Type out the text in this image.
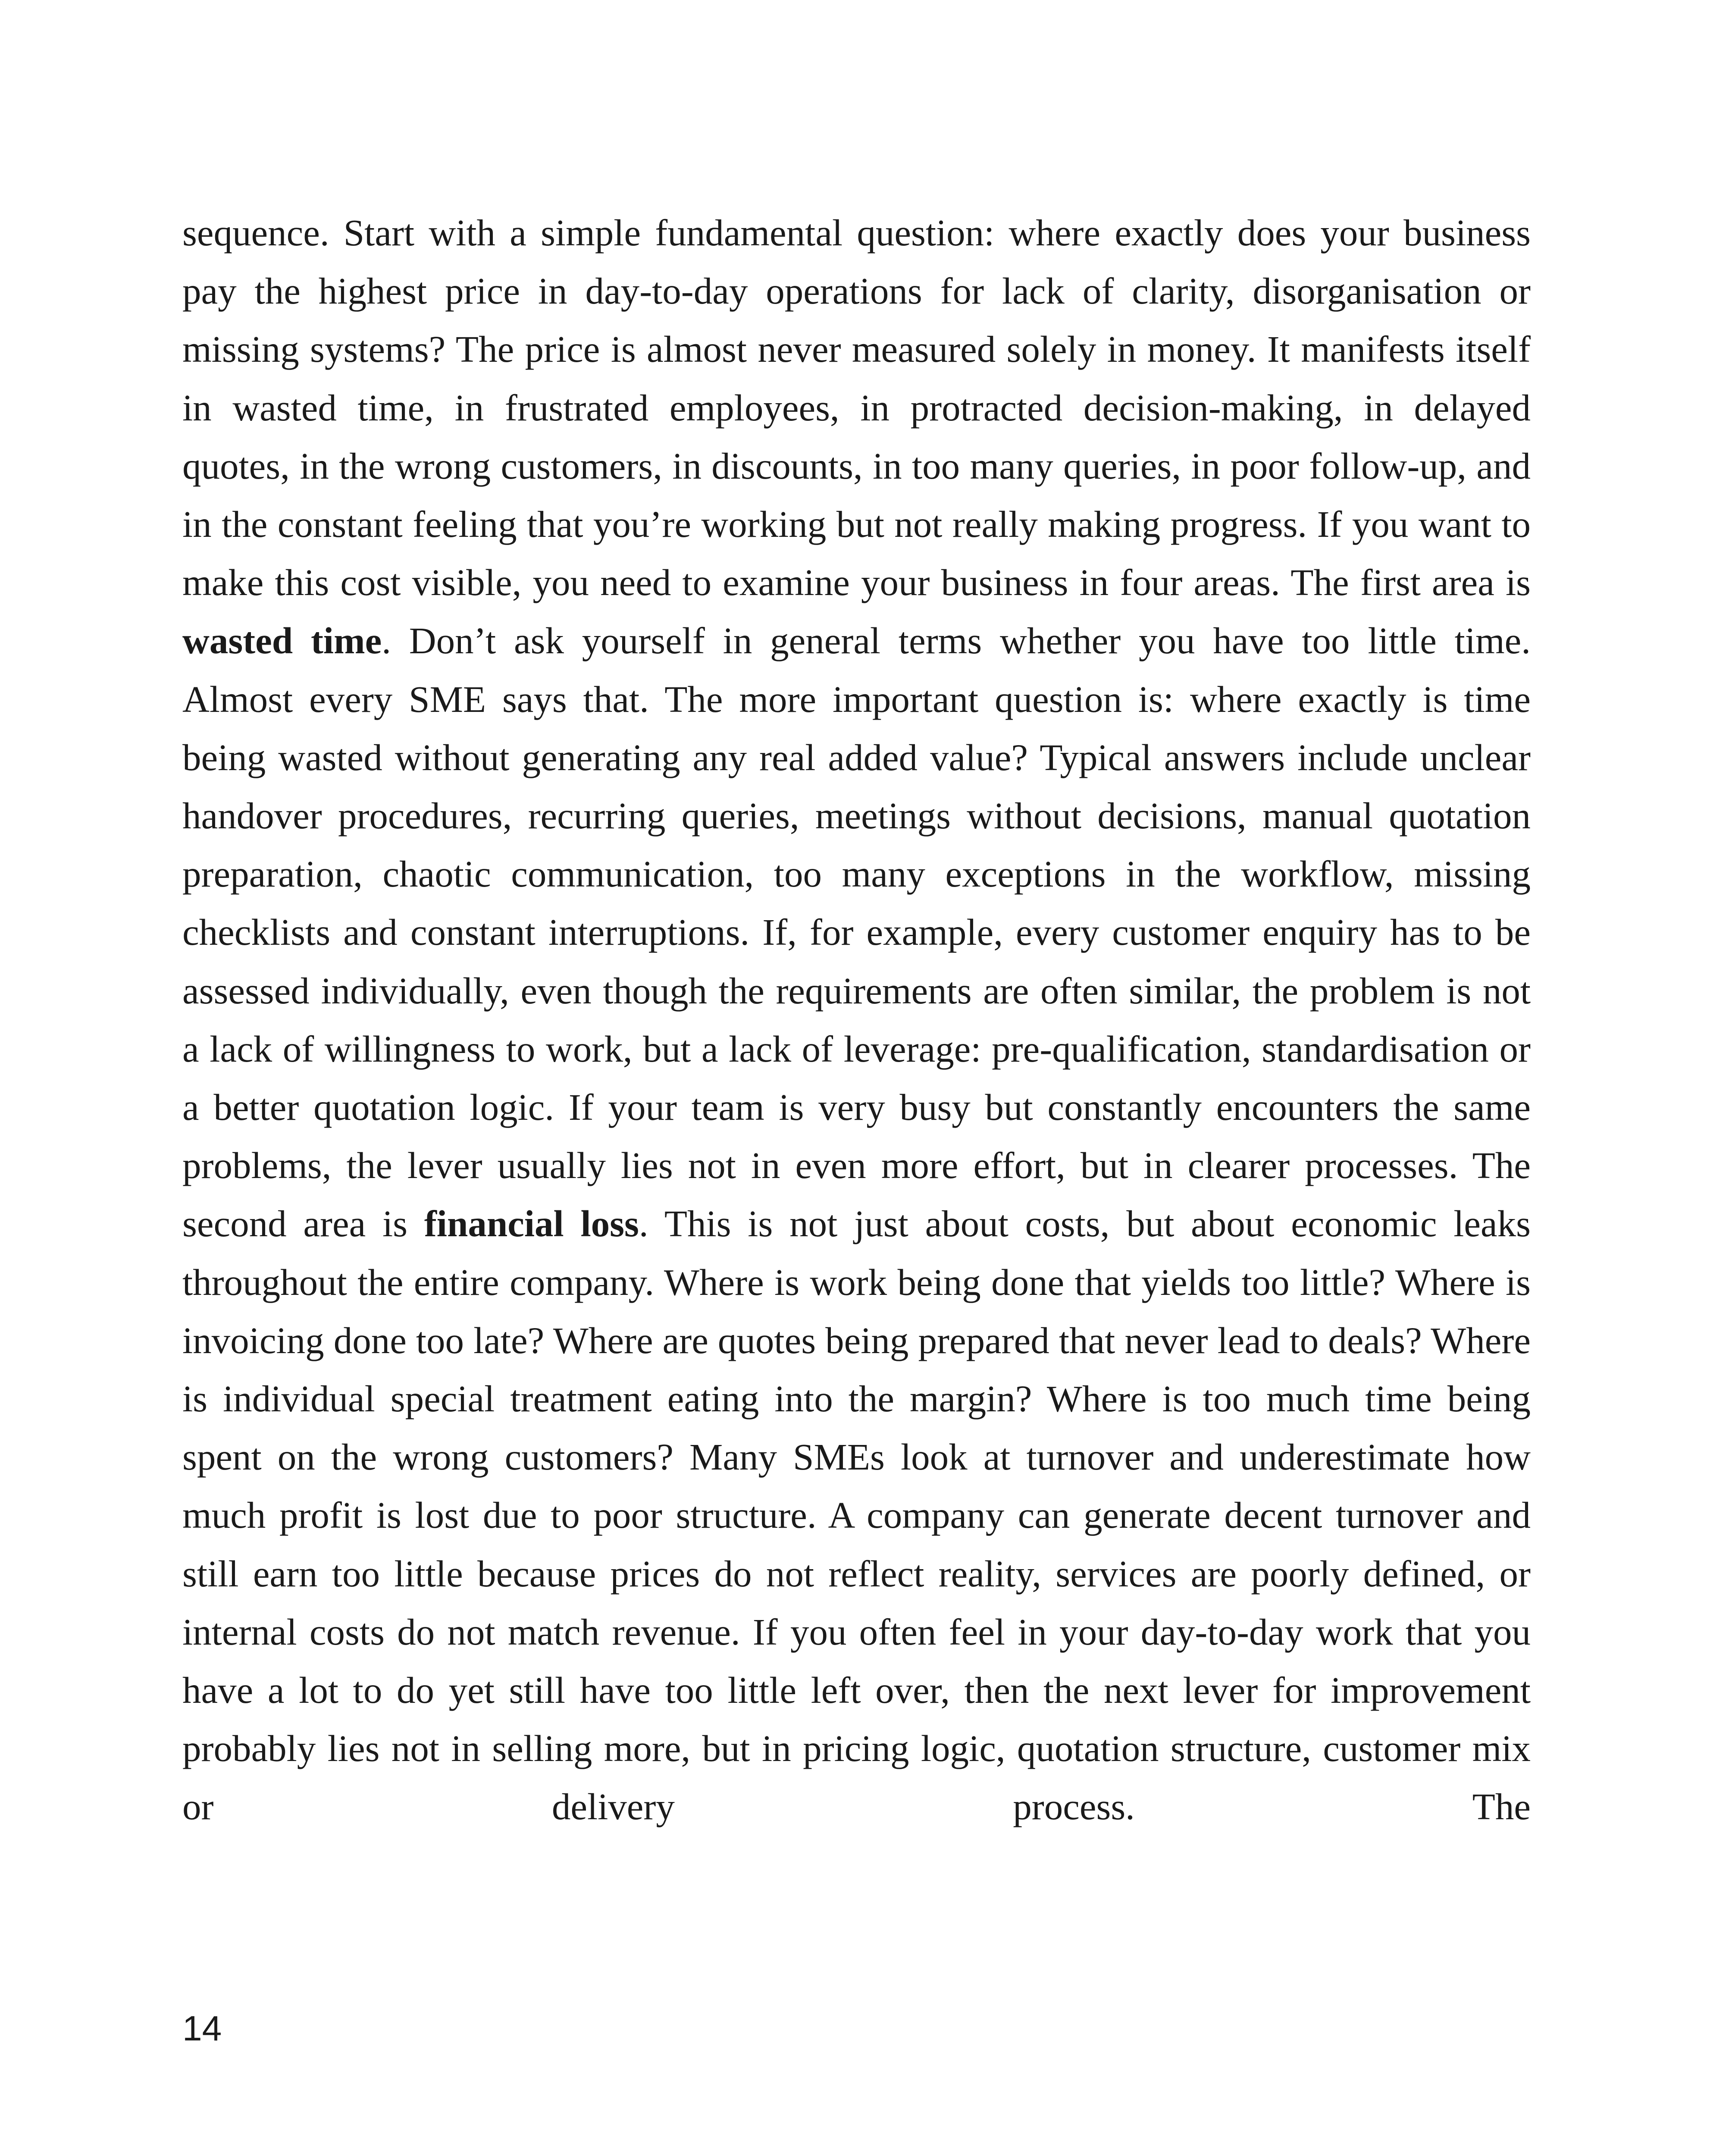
sequence. Start with a simple fundamental question: where exactly does your business pay the highest price in day-to-day operations for lack of clarity, disorganisation or missing systems? The price is almost never measured solely in money. It manifests itself in wasted time, in frustrated employees, in protracted decision-making, in delayed quotes, in the wrong customers, in discounts, in too many queries, in poor follow-up, and in the constant feeling that you’re working but not really making progress. If you want to make this cost visible, you need to examine your business in four areas. The first area is wasted time. Don’t ask yourself in general terms whether you have too little time. Almost every SME says that. The more important question is: where exactly is time being wasted without generating any real added value? Typical answers include unclear handover procedures, recurring queries, meetings without decisions, manual quotation preparation, chaotic communication, too many exceptions in the workflow, missing checklists and constant interruptions. If, for example, every customer enquiry has to be assessed individually, even though the requirements are often similar, the problem is not a lack of willingness to work, but a lack of leverage: pre-qualification, standardisation or a better quotation logic. If your team is very busy but constantly encounters the same problems, the lever usually lies not in even more effort, but in clearer processes. The second area is financial loss. This is not just about costs, but about economic leaks throughout the entire company. Where is work being done that yields too little? Where is invoicing done too late? Where are quotes being prepared that never lead to deals? Where is individual special treatment eating into the margin? Where is too much time being spent on the wrong customers? Many SMEs look at turnover and underestimate how much profit is lost due to poor structure. A company can generate decent turnover and still earn too little because prices do not reflect reality, services are poorly defined, or internal costs do not match revenue. If you often feel in your day-to-day work that you have a lot to do yet still have too little left over, then the next lever for improvement probably lies not in selling more, but in pricing logic, quotation structure, customer mix or delivery process. The

14
